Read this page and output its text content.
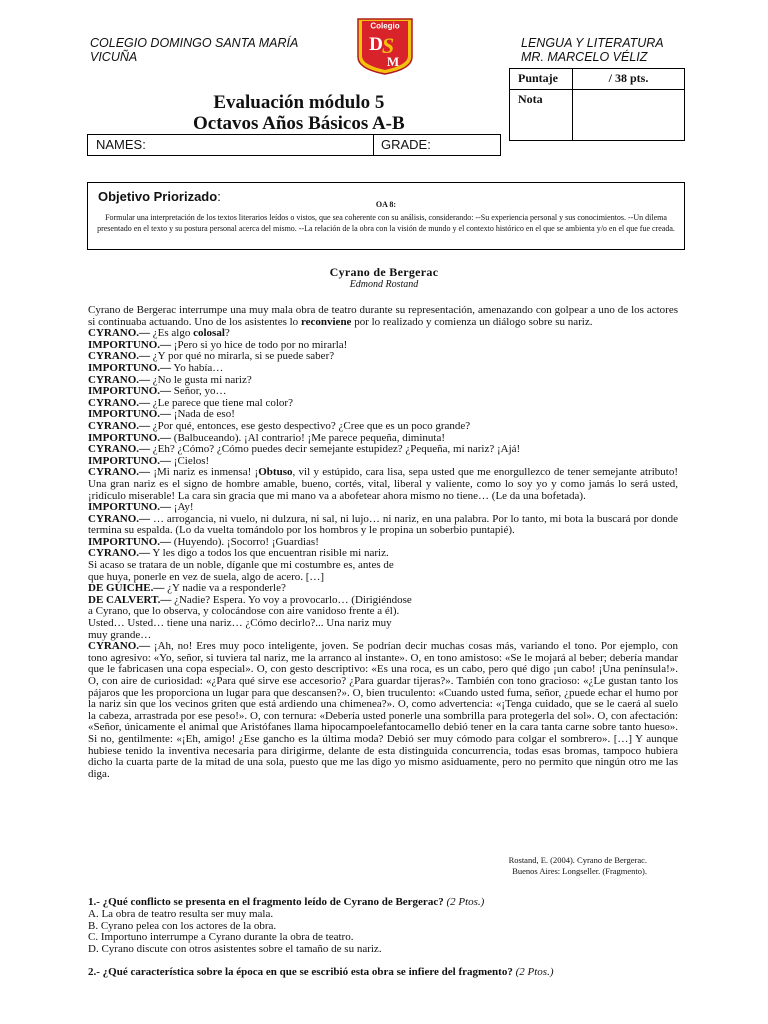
COLEGIO DOMINGO SANTA MARÍA
VICUÑA
Colegio
D S
M
LENGUA Y LITERATURA
MR. MARCELO VÉLIZ
Puntaje	/ 38 pts.
Nota	
Evaluación módulo 5
Octavos Años Básicos A-B
NAMES:	GRADE:
Objetivo Priorizado:
OA 8:
Formular una interpretación de los textos literarios leídos o vistos, que sea coherente con su análisis, considerando: --Su experiencia personal y sus conocimientos. --Un dilema presentado en el texto y su postura personal acerca del mismo. --La relación de la obra con la visión de mundo y el contexto histórico en el que se ambienta y/o en el que fue creada.
Cyrano de Bergerac
Edmond Rostand

Cyrano de Bergerac interrumpe una muy mala obra de teatro durante su representación, amenazando con golpear a uno de los actores si continuaba actuando. Uno de los asistentes lo reconviene por lo realizado y comienza un diálogo sobre su nariz.

CYRANO.— ¿Es algo colosal?

IMPORTUNO.— ¡Pero si yo hice de todo por no mirarla!

CYRANO.— ¿Y por qué no mirarla, si se puede saber?

IMPORTUNO.— Yo había…

CYRANO.— ¿No le gusta mi nariz?

IMPORTUNO.— Señor, yo…

CYRANO.— ¿Le parece que tiene mal color?

IMPORTUNO.— ¡Nada de eso!

CYRANO.— ¿Por qué, entonces, ese gesto despectivo? ¿Cree que es un poco grande?

IMPORTUNO.— (Balbuceando). ¡Al contrario! ¡Me parece pequeña, diminuta!

CYRANO.— ¿Eh? ¿Cómo? ¿Cómo puedes decir semejante estupidez? ¿Pequeña, mi nariz? ¡Ajá!

IMPORTUNO.— ¡Cielos!

CYRANO.— ¡Mi nariz es inmensa! ¡Obtuso, vil y estúpido, cara lisa, sepa usted que me enorgullezco de tener semejante atributo! Una gran nariz es el signo de hombre amable, bueno, cortés, vital, liberal y valiente, como lo soy yo y como jamás lo será usted, ¡ridículo miserable! La cara sin gracia que mi mano va a abofetear ahora mismo no tiene… (Le da una bofetada).

IMPORTUNO.— ¡Ay!

CYRANO.— … arrogancia, ni vuelo, ni dulzura, ni sal, ni lujo… ni nariz, en una palabra. Por lo tanto, mi bota la buscará por donde termina su espalda. (Lo da vuelta tomándolo por los hombros y le propina un soberbio puntapié).

IMPORTUNO.— (Huyendo). ¡Socorro! ¡Guardias!

CYRANO.— Y les digo a todos los que encuentran risible mi nariz.

Si acaso se tratara de un noble, díganle que mi costumbre es, antes de

que huya, ponerle en vez de suela, algo de acero. […]

DE GUICHE.— ¿Y nadie va a responderle?

DE CALVERT.— ¿Nadie? Espera. Yo voy a provocarlo… (Dirigiéndose

a Cyrano, que lo observa, y colocándose con aire vanidoso frente a él).

Usted… Usted… tiene una nariz… ¿Cómo decirlo?... Una nariz muy

muy grande…

CYRANO.— ¡Ah, no! Eres muy poco inteligente, joven. Se podrían decir muchas cosas más, variando el tono. Por ejemplo, con tono agresivo: «Yo, señor, si tuviera tal nariz, me la arranco al instante». O, en tono amistoso: «Se le mojará al beber; debería mandar que le fabricasen una copa especial». O, con gesto descriptivo: «Es una roca, es un cabo, pero qué digo ¡un cabo! ¡Una península!». O, con aire de curiosidad: «¿Para qué sirve ese accesorio? ¿Para guardar tijeras?». También con tono gracioso: «¿Le gustan tanto los pájaros que les proporciona un lugar para que descansen?». O, bien truculento: «Cuando usted fuma, señor, ¿puede echar el humo por la nariz sin que los vecinos griten que está ardiendo una chimenea?». O, como advertencia: «¡Tenga cuidado, que se le caerá al suelo la cabeza, arrastrada por ese peso!». O, con ternura: «Debería usted ponerle una sombrilla para protegerla del sol». O, con afectación: «Señor, únicamente el animal que Aristófanes llama hipocampoelefantocamello debió tener en la cara tanta carne sobre tanto hueso». Si no, gentilmente: «¡Eh, amigo! ¿Ese gancho es la última moda? Debió ser muy cómodo para colgar el sombrero». […] Y aunque hubiese tenido la inventiva necesaria para dirigirme, delante de esta distinguida concurrencia, todas esas bromas, tampoco hubiera dicho la cuarta parte de la mitad de una sola, puesto que me las digo yo mismo asiduamente, pero no permito que ningún otro me las diga.

Rostand, E. (2004). Cyrano de Bergerac.
Buenos Aires: Longseller. (Fragmento).
1.- ¿Qué conflicto se presenta en el fragmento leído de Cyrano de Bergerac? (2 Ptos.)
A. La obra de teatro resulta ser muy mala.
B. Cyrano pelea con los actores de la obra.
C. Importuno interrumpe a Cyrano durante la obra de teatro.
D. Cyrano discute con otros asistentes sobre el tamaño de su nariz.
2.- ¿Qué característica sobre la época en que se escribió esta obra se infiere del fragmento? (2 Ptos.)
